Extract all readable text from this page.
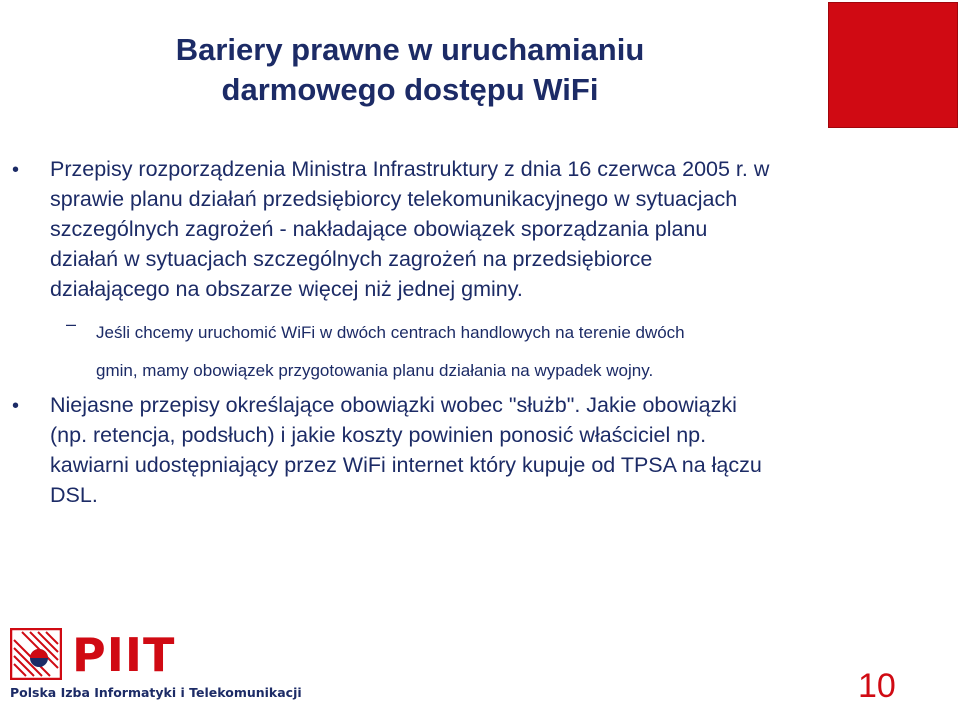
Bariery prawne w uruchamianiu
darmowego dostępu WiFi
• Przepisy rozporządzenia Ministra Infrastruktury z dnia 16 czerwca 2005 r. w
sprawie planu działań przedsiębiorcy telekomunikacyjnego w sytuacjach
szczególnych zagrożeń - nakładające obowiązek sporządzania planu
działań w sytuacjach szczególnych zagrożeń na przedsiębiorce
działającego na obszarze więcej niż jednej gminy.
– Jeśli chcemy uruchomić WiFi w dwóch centrach handlowych na terenie dwóch
gmin, mamy obowiązek przygotowania planu działania na wypadek wojny.
• Niejasne przepisy określające obowiązki wobec "służb". Jakie obowiązki
(np. retencja, podsłuch) i jakie koszty powinien ponosić właściciel np.
kawiarni udostępniający przez WiFi internet który kupuje od TPSA na łączu
DSL.
PIIT
Polska Izba Informatyki i Telekomunikacji	10
